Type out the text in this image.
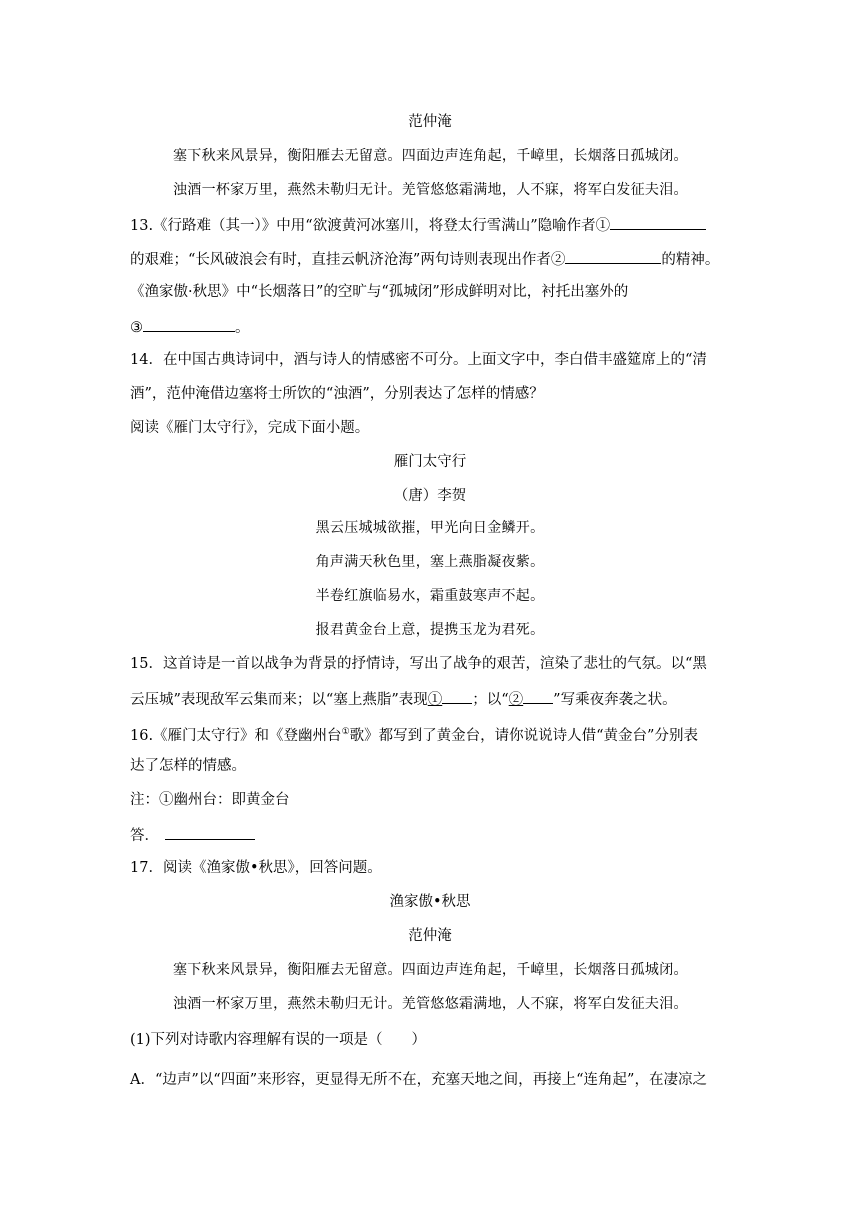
范仲淹
塞下秋来风景异，衡阳雁去无留意。四面边声连角起，千嶂里，长烟落日孤城闭。
浊酒一杯家万里，燕然未勒归无计。羌管悠悠霜满地，人不寐，将军白发征夫泪。
13.《行路难（其一）》中用“欲渡黄河冰塞川，将登太行雪满山”隐喻作者①
的艰难；“长风破浪会有时，直挂云帆济沧海”两句诗则表现出作者②	的精神。
《渔家傲·秋思》中“长烟落日”的空旷与“孤城闭”形成鲜明对比，衬托出塞外的
③	。
14．在中国古典诗词中，酒与诗人的情感密不可分。上面文字中，李白借丰盛筵席上的“清
酒”，范仲淹借边塞将士所饮的“浊酒”，分别表达了怎样的情感？
阅读《雁门太守行》，完成下面小题。
雁门太守行
（唐）李贺
黑云压城城欲摧，甲光向日金鳞开。
角声满天秋色里，塞上燕脂凝夜紫。
半卷红旗临易水，霜重鼓寒声不起。
报君黄金台上意，提携玉龙为君死。
15．这首诗是一首以战争为背景的抒情诗，写出了战争的艰苦，渲染了悲壮的气氛。以“黑
云压城”表现敌军云集而来；以“塞上燕脂”表现① ；以“② ”写乘夜奔袭之状。
16.《雁门太守行》和《登幽州台①歌》都写到了黄金台，请你说说诗人借“黄金台”分别表
达了怎样的情感。
注：①幽州台：即黄金台
答．
17．阅读《渔家傲•秋思》，回答问题。
渔家傲•秋思
范仲淹
塞下秋来风景异，衡阳雁去无留意。四面边声连角起，千嶂里，长烟落日孤城闭。
浊酒一杯家万里，燕然未勒归无计。羌管悠悠霜满地，人不寐，将军白发征夫泪。
(1)下列对诗歌内容理解有误的一项是（　　）
A．“边声”以“四面”来形容，更显得无所不在，充塞天地之间，再接上“连角起”，在凄凉之
